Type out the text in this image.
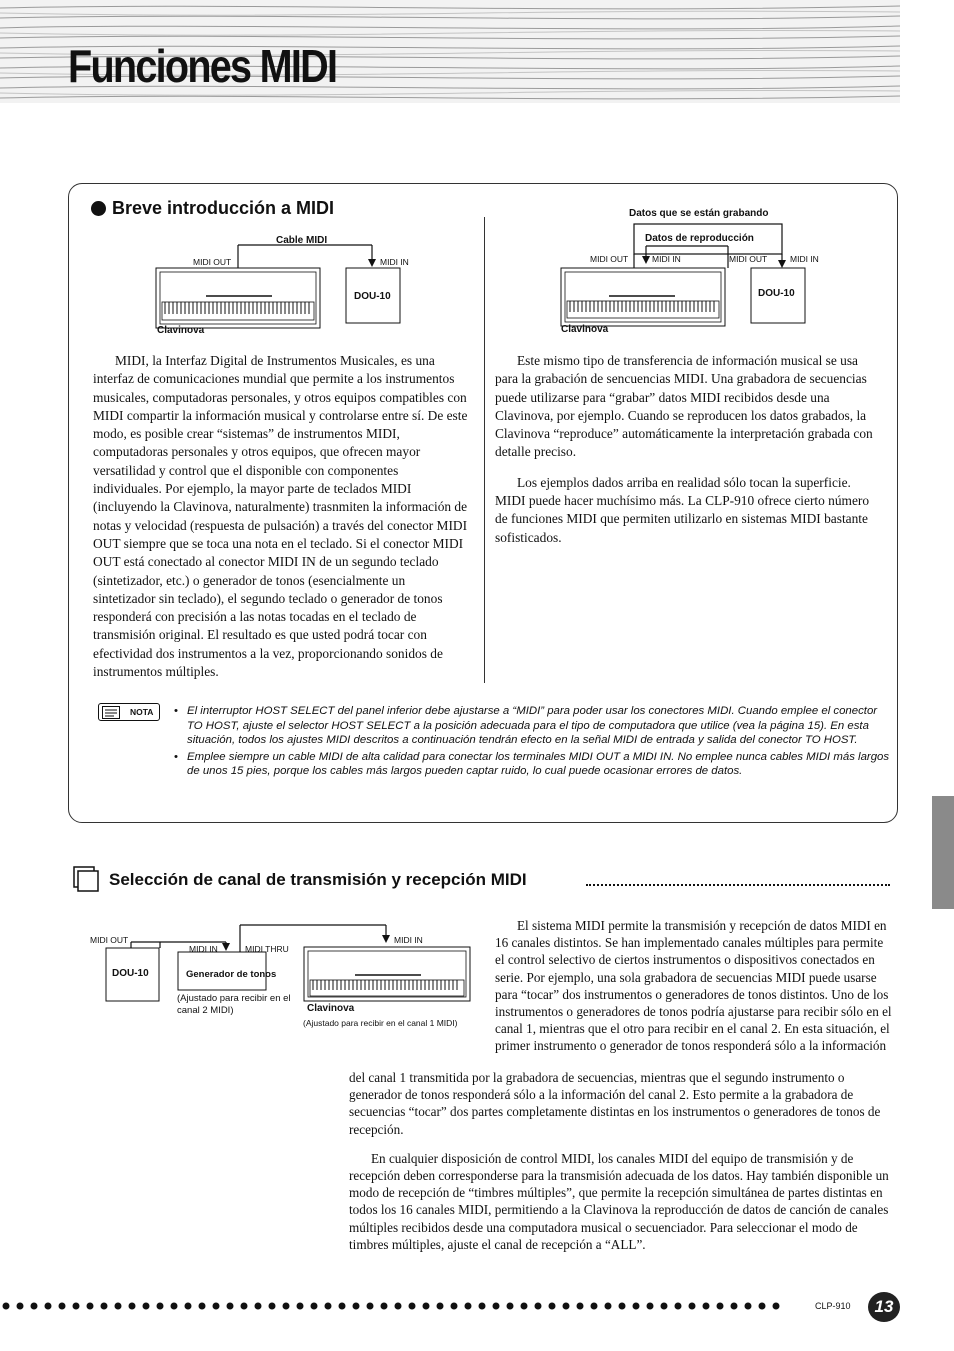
Funciones MIDI
Breve introducción a MIDI
Cable MIDI
MIDI OUT	MIDI IN
DOU-10
Clavinova
Datos que se están grabando
Datos de reproducción
MIDI OUT	MIDI IN	MIDI OUT	MIDI IN
DOU-10
Clavinova

MIDI, la Interfaz Digital de Instrumentos Musicales, es una interfaz de comunicaciones mundial que permite a los instrumentos musicales, computadoras personales, y otros equipos compatibles con MIDI compartir la información musical y controlarse entre sí. De este modo, es posible crear “sistemas” de instrumentos MIDI, computadoras personales y otros equipos, que ofrecen mayor versatilidad y control que el disponible con componentes individuales. Por ejemplo, la mayor parte de teclados MIDI (incluyendo la Clavinova, naturalmente) trasnmiten la información de notas y velocidad (respuesta de pulsación) a través del conector MIDI OUT siempre que se toca una nota en el teclado. Si el conector MIDI OUT está conectado al conector MIDI IN de un segundo teclado (sintetizador, etc.) o generador de tonos (esencialmente un sintetizador sin teclado), el segundo teclado o generador de tonos responderá con precisión a las notas tocadas en el teclado de transmisión original. El resultado es que usted podrá tocar con efectividad dos instrumentos a la vez, proporcionando sonidos de instrumentos múltiples.

Este mismo tipo de transferencia de información musical se usa para la grabación de sencuencias MIDI. Una grabadora de secuencias puede utilizarse para “grabar” datos MIDI recibidos desde una Clavinova, por ejemplo. Cuando se reproducen los datos grabados, la Clavinova “reproduce” automáticamente la interpretación grabada con detalle preciso.

Los ejemplos dados arriba en realidad sólo tocan la superficie. MIDI puede hacer muchísimo más. La CLP-910 ofrece cierto número de funciones MIDI que permiten utilizarlo en sistemas MIDI bastante sofisticados.

NOTA • El interruptor HOST SELECT del panel inferior debe ajustarse a “MIDI” para poder usar los conectores MIDI. Cuando emplee el conector TO HOST, ajuste el selector HOST SELECT a la posición adecuada para el tipo de computadora que utilice (vea la página 15). En esta situación, todos los ajustes MIDI descritos a continuación tendrán efecto en la señal MIDI de entrada y salida del conector TO HOST.
• Emplee siempre un cable MIDI de alta calidad para conectar los terminales MIDI OUT a MIDI IN. No emplee nunca cables MIDI más largos de unos 15 pies, porque los cables más largos pueden captar ruido, lo cual puede ocasionar errores de datos.
Selección de canal de transmisión y recepción MIDI
MIDI OUT
MIDI IN	MIDI THRU
MIDI IN
DOU-10	Generador de tonos
(Ajustado para recibir en el canal 2 MIDI)	Clavinova
(Ajustado para recibir en el canal 1 MIDI)

El sistema MIDI permite la transmisión y recepción de datos MIDI en 16 canales distintos. Se han implementado canales múltiples para permite el control selectivo de ciertos instrumentos o dispositivos conectados en serie. Por ejemplo, una sola grabadora de secuencias MIDI puede usarse para “tocar” dos instrumentos o generadores de tonos distintos. Uno de los instrumentos o generadores de tonos podría ajustarse para recibir sólo en el canal 1, mientras que el otro para recibir en el canal 2. En esta situación, el primer instrumento o generador de tonos responderá sólo a la información

del canal 1 transmitida por la grabadora de secuencias, mientras que el segundo instrumento o generador de tonos responderá sólo a la información del canal 2. Esto permite a la grabadora de secuencias “tocar” dos partes completamente distintas en los instrumentos o generadores de tonos de recepción.

En cualquier disposición de control MIDI, los canales MIDI del equipo de transmisión y de recepción deben corresponderse para la transmisión adecuada de los datos. Hay también disponible un modo de recepción de “timbres múltiples”, que permite la recepción simultánea de partes distintas en todos los 16 canales MIDI, permitiendo a la Clavinova la reproducción de datos de canción de canales múltiples recibidos desde una computadora musical o secuenciador. Para seleccionar el modo de timbres múltiples, ajuste el canal de recepción a “ALL”.

CLP-910	13
